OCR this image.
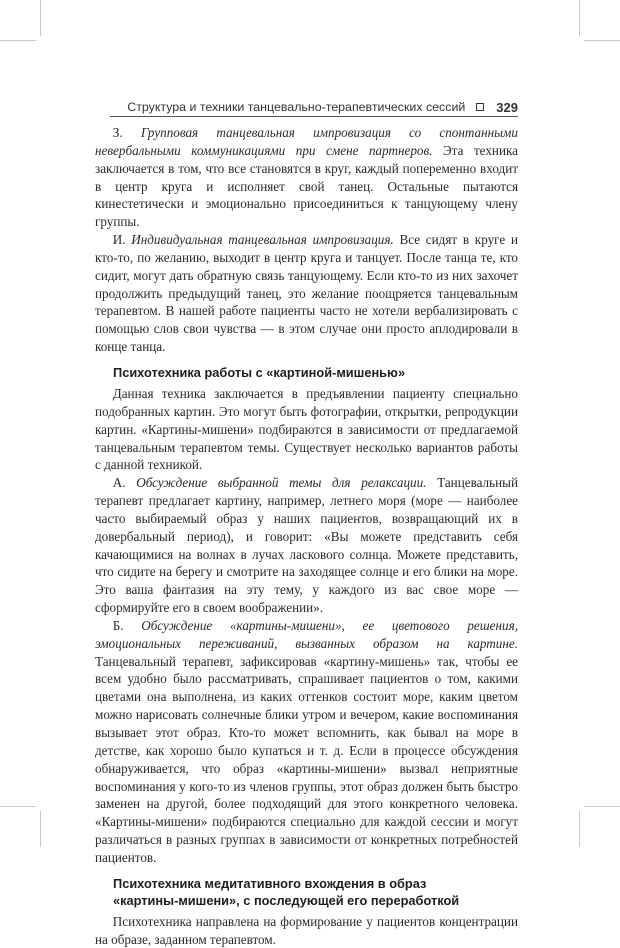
Структура и техники танцевально-терапевтических сессий 329

З. Групповая танцевальная импровизация со спонтанными невербальными коммуникациями при смене партнеров. Эта техника заключается в том, что все становятся в круг, каждый попеременно входит в центр круга и исполняет свой танец. Остальные пытаются кинестетически и эмоционально присоединиться к танцующему члену группы.

И. Индивидуальная танцевальная импровизация. Все сидят в круге и кто-то, по желанию, выходит в центр круга и танцует. После танца те, кто сидит, могут дать обратную связь танцующему. Если кто-то из них захочет продолжить предыдущий танец, это желание поощряется танцевальным терапевтом. В нашей работе пациенты часто не хотели вербализировать с помощью слов свои чувства — в этом случае они просто аплодировали в конце танца.

Психотехника работы с «картиной-мишенью»

Данная техника заключается в предъявлении пациенту специально подобранных картин. Это могут быть фотографии, открытки, репродукции картин. «Картины-мишени» подбираются в зависимости от предлагаемой танцевальным терапевтом темы. Существует несколько вариантов работы с данной техникой.

А. Обсуждение выбранной темы для релаксации. Танцевальный терапевт предлагает картину, например, летнего моря (море — наиболее часто выбираемый образ у наших пациентов, возвращающий их в довербальный период), и говорит: «Вы можете представить себя качающимися на волнах в лучах ласкового солнца. Можете представить, что сидите на берегу и смотрите на заходящее солнце и его блики на море. Это ваша фантазия на эту тему, у каждого из вас свое море — сформируйте его в своем воображении».

Б. Обсуждение «картины-мишени», ее цветового решения, эмоциональных переживаний, вызванных образом на картине. Танцевальный терапевт, зафиксировав «картину-мишень» так, чтобы ее всем удобно было рассматривать, спрашивает пациентов о том, какими цветами она выполнена, из каких оттенков состоит море, каким цветом можно нарисовать солнечные блики утром и вечером, какие воспоминания вызывает этот образ. Кто-то может вспомнить, как бывал на море в детстве, как хорошо было купаться и т. д. Если в процессе обсуждения обнаруживается, что образ «картины-мишени» вызвал неприятные воспоминания у кого-то из членов группы, этот образ должен быть быстро заменен на другой, более подходящий для этого конкретного человека. «Картины-мишени» подбираются специально для каждой сессии и могут различаться в разных группах в зависимости от конкретных потребностей пациентов.

Психотехника медитативного вхождения в образ
«картины-мишени», с последующей его переработкой

Психотехника направлена на формирование у пациентов концентрации на образе, заданном терапевтом.
